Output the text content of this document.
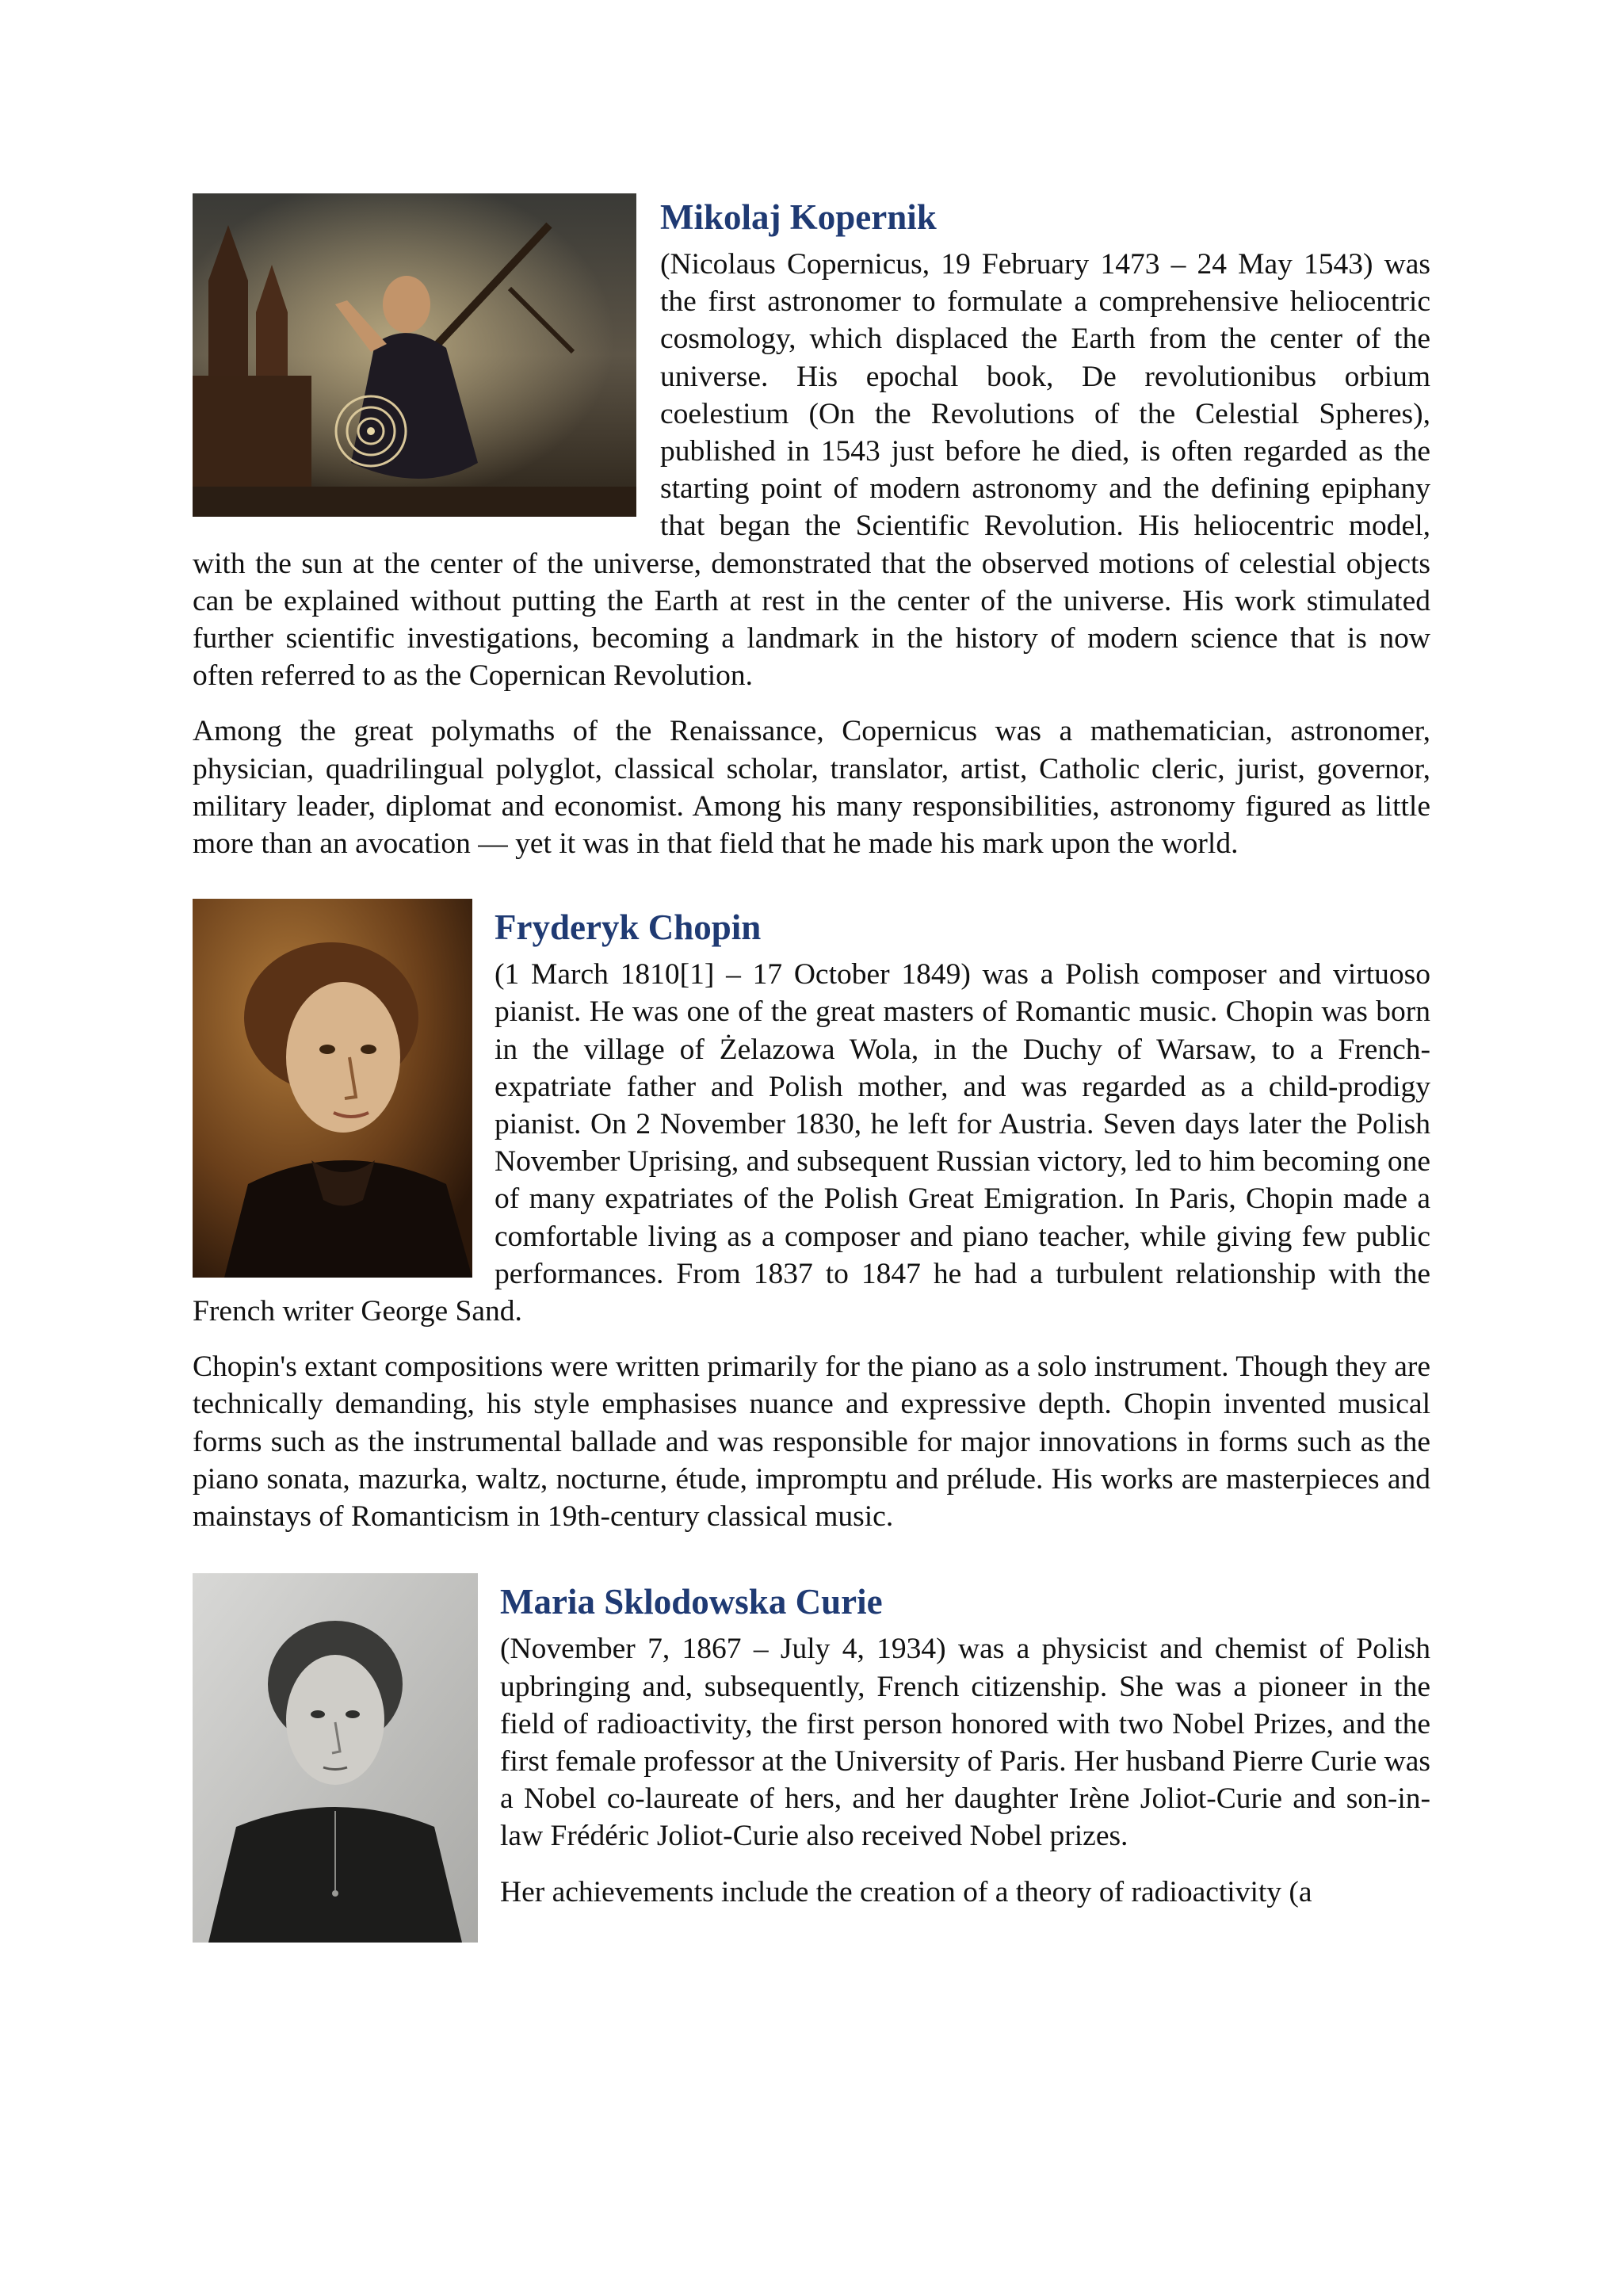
Mikolaj Kopernik

(Nicolaus Copernicus, 19 February 1473 – 24 May 1543) was the first astronomer to formulate a comprehensive heliocentric cosmology, which displaced the Earth from the center of the universe. His epochal book, De revolutionibus orbium coelestium (On the Revolutions of the Celestial Spheres), published in 1543 just before he died, is often regarded as the starting point of modern astronomy and the defining epiphany that began the Scientific Revolution. His heliocentric model, with the sun at the center of the universe, demonstrated that the observed motions of celestial objects can be explained without putting the Earth at rest in the center of the universe. His work stimulated further scientific investigations, becoming a landmark in the history of modern science that is now often referred to as the Copernican Revolution.

Among the great polymaths of the Renaissance, Copernicus was a mathematician, astronomer, physician, quadrilingual polyglot, classical scholar, translator, artist, Catholic cleric, jurist, governor, military leader, diplomat and economist. Among his many responsibilities, astronomy figured as little more than an avocation — yet it was in that field that he made his mark upon the world.

Fryderyk Chopin

(1 March 1810[1] – 17 October 1849) was a Polish composer and virtuoso pianist. He was one of the great masters of Romantic music. Chopin was born in the village of Żelazowa Wola, in the Duchy of Warsaw, to a French-expatriate father and Polish mother, and was regarded as a child-prodigy pianist. On 2 November 1830, he left for Austria. Seven days later the Polish November Uprising, and subsequent Russian victory, led to him becoming one of many expatriates of the Polish Great Emigration. In Paris, Chopin made a comfortable living as a composer and piano teacher, while giving few public performances. From 1837 to 1847 he had a turbulent relationship with the French writer George Sand.

Chopin's extant compositions were written primarily for the piano as a solo instrument. Though they are technically demanding, his style emphasises nuance and expressive depth. Chopin invented musical forms such as the instrumental ballade and was responsible for major innovations in forms such as the piano sonata, mazurka, waltz, nocturne, étude, impromptu and prélude. His works are masterpieces and mainstays of Romanticism in 19th-century classical music.

Maria Sklodowska Curie

(November 7, 1867 – July 4, 1934) was a physicist and chemist of Polish upbringing and, subsequently, French citizenship. She was a pioneer in the field of radioactivity, the first person honored with two Nobel Prizes, and the first female professor at the University of Paris. Her husband Pierre Curie was a Nobel co-laureate of hers, and her daughter Irène Joliot-Curie and son-in-law Frédéric Joliot-Curie also received Nobel prizes.

Her achievements include the creation of a theory of radioactivity (a
